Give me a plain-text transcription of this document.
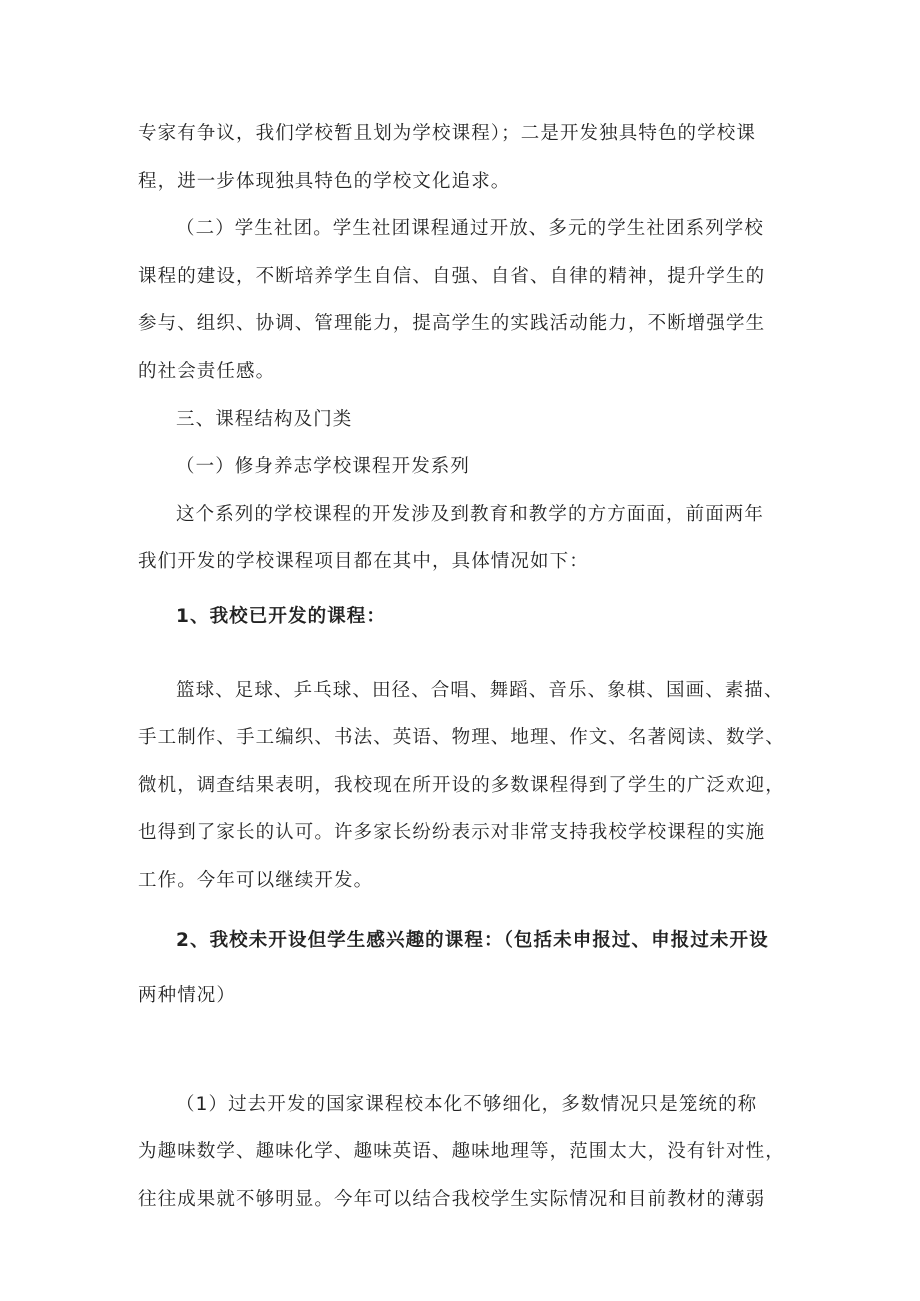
专家有争议，我们学校暂且划为学校课程）；二是开发独具特色的学校课
程，进一步体现独具特色的学校文化追求。
（二）学生社团。学生社团课程通过开放、多元的学生社团系列学校
课程的建设，不断培养学生自信、自强、自省、自律的精神，提升学生的
参与、组织、协调、管理能力，提高学生的实践活动能力，不断增强学生
的社会责任感。
三、课程结构及门类
（一）修身养志学校课程开发系列
这个系列的学校课程的开发涉及到教育和教学的方方面面，前面两年
我们开发的学校课程项目都在其中，具体情况如下：
1、我校已开发的课程：
篮球、足球、乒乓球、田径、合唱、舞蹈、音乐、象棋、国画、素描、
手工制作、手工编织、书法、英语、物理、地理、作文、名著阅读、数学、
微机，调查结果表明，我校现在所开设的多数课程得到了学生的广泛欢迎，
也得到了家长的认可。许多家长纷纷表示对非常支持我校学校课程的实施
工作。今年可以继续开发。
2、我校未开设但学生感兴趣的课程：（包括未申报过、申报过未开设
两种情况）
（1）过去开发的国家课程校本化不够细化，多数情况只是笼统的称
为趣味数学、趣味化学、趣味英语、趣味地理等，范围太大，没有针对性，
往往成果就不够明显。今年可以结合我校学生实际情况和目前教材的薄弱
